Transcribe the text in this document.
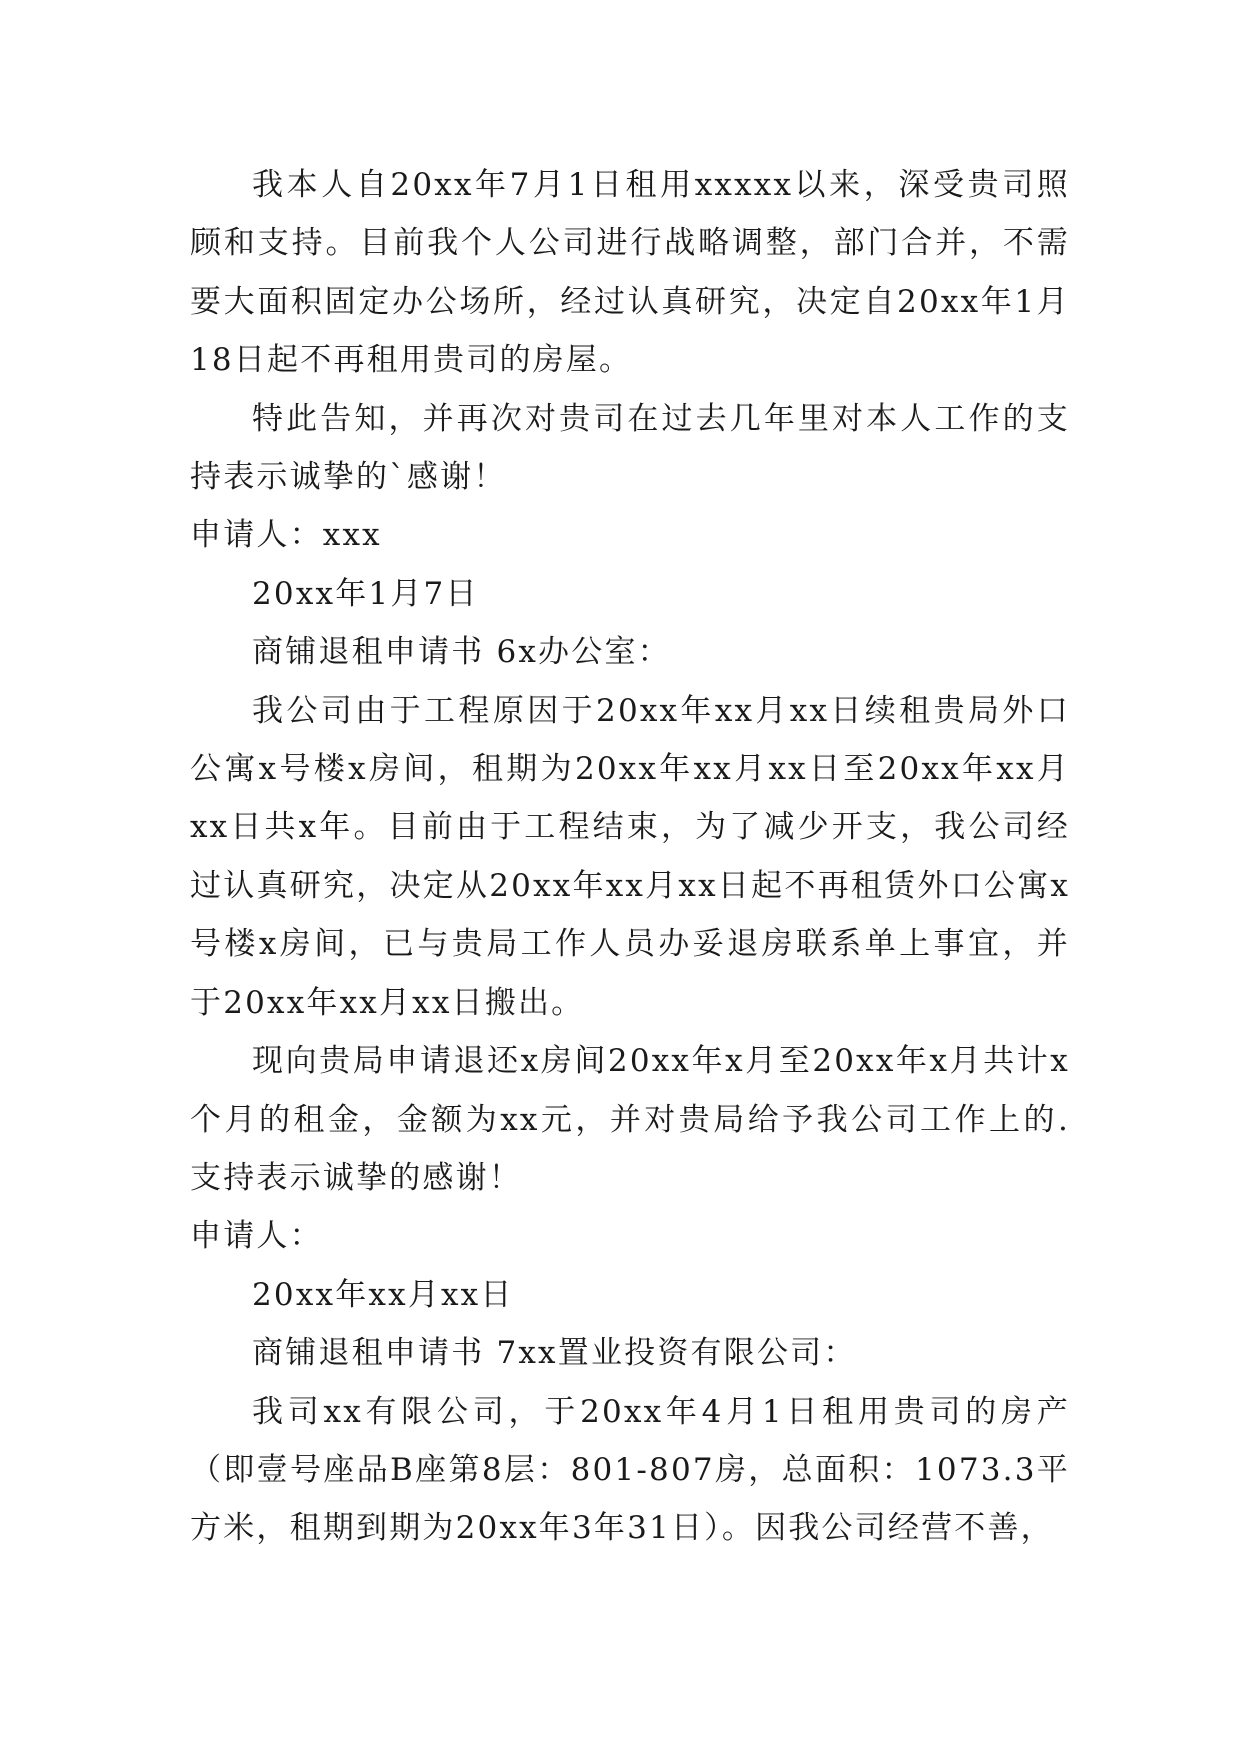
我本人自20xx年7月1日租用xxxxx以来，深受贵司照顾和支持。目前我个人公司进行战略调整，部门合并，不需要大面积固定办公场所，经过认真研究，决定自20xx年1月18日起不再租用贵司的房屋。

特此告知，并再次对贵司在过去几年里对本人工作的支持表示诚挚的`感谢！

申请人：xxx

20xx年1月7日

商铺退租申请书 6x办公室：

我公司由于工程原因于20xx年xx月xx日续租贵局外口公寓x号楼x房间，租期为20xx年xx月xx日至20xx年xx月xx日共x年。目前由于工程结束，为了减少开支，我公司经过认真研究，决定从20xx年xx月xx日起不再租赁外口公寓x号楼x房间，已与贵局工作人员办妥退房联系单上事宜，并于20xx年xx月xx日搬出。

现向贵局申请退还x房间20xx年x月至20xx年x月共计x个月的租金，金额为xx元，并对贵局给予我公司工作上的.支持表示诚挚的感谢！

申请人：

20xx年xx月xx日

商铺退租申请书 7xx置业投资有限公司：

我司xx有限公司，于20xx年4月1日租用贵司的房产（即壹号座品B座第8层：801-807房，总面积：1073.3平方米，租期到期为20xx年3年31日）。因我公司经营不善，
